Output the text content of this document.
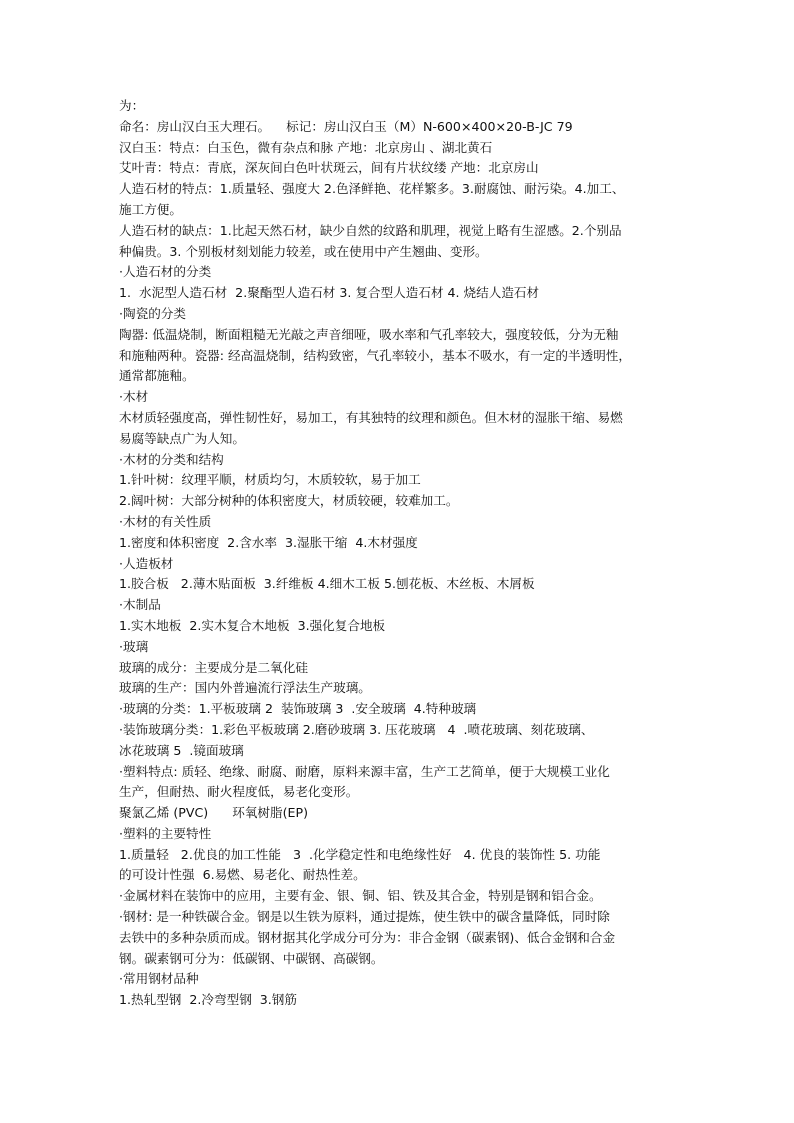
为：

命名：房山汉白玉大理石。    标记：房山汉白玉（M）N-600×400×20-B-JC 79

汉白玉：特点：白玉色，微有杂点和脉 产地：北京房山 、湖北黄石

艾叶青：特点：青底，深灰间白色叶状斑云，间有片状纹缕 产地：北京房山

人造石材的特点：1.质量轻、强度大 2.色泽鲜艳、花样繁多。3.耐腐蚀、耐污染。4.加工、

施工方便。

人造石材的缺点：1.比起天然石材，缺少自然的纹路和肌理，视觉上略有生涩感。2.个别品

种偏贵。3. 个别板材刻划能力较差，或在使用中产生翘曲、变形。

·人造石材的分类

1.  水泥型人造石材  2.聚酯型人造石材 3. 复合型人造石材 4. 烧结人造石材

·陶瓷的分类

陶器: 低温烧制，断面粗糙无光敲之声音细哑，吸水率和气孔率较大，强度较低，分为无釉

和施釉两种。瓷器: 经高温烧制，结构致密，气孔率较小，基本不吸水，有一定的半透明性，

通常都施釉。

·木材

木材质轻强度高，弹性韧性好，易加工，有其独特的纹理和颜色。但木材的湿胀干缩、易燃

易腐等缺点广为人知。

·木材的分类和结构

1.针叶树：纹理平顺，材质均匀，木质较软，易于加工

2.阔叶树：大部分树种的体积密度大，材质较硬，较难加工。

·木材的有关性质

1.密度和体积密度  2.含水率  3.湿胀干缩  4.木材强度

·人造板材

1.胶合板   2.薄木贴面板  3.纤维板 4.细木工板 5.刨花板、木丝板、木屑板

·木制品

1.实木地板  2.实木复合木地板  3.强化复合地板

·玻璃

玻璃的成分：主要成分是二氧化硅

玻璃的生产：国内外普遍流行浮法生产玻璃。

·玻璃的分类：1.平板玻璃 2  装饰玻璃 3  .安全玻璃  4.特种玻璃

·装饰玻璃分类：1.彩色平板玻璃 2.磨砂玻璃 3. 压花玻璃   4  .喷花玻璃、刻花玻璃、

冰花玻璃 5  .镜面玻璃

·塑料特点: 质轻、绝缘、耐腐、耐磨，原料来源丰富，生产工艺简单，便于大规模工业化

生产，但耐热、耐火程度低，易老化变形。

聚氯乙烯 (PVC)      环氧树脂(EP)

·塑料的主要特性

1.质量轻   2.优良的加工性能   3  .化学稳定性和电绝缘性好   4. 优良的装饰性 5. 功能

的可设计性强  6.易燃、易老化、耐热性差。

·金属材料在装饰中的应用，主要有金、银、铜、铝、铁及其合金，特别是钢和铝合金。

·钢材: 是一种铁碳合金。钢是以生铁为原料，通过提炼，使生铁中的碳含量降低，同时除

去铁中的多种杂质而成。钢材据其化学成分可分为：非合金钢（碳素钢)、低合金钢和合金

钢。碳素钢可分为：低碳钢、中碳钢、高碳钢。

·常用钢材品种

1.热轧型钢  2.冷弯型钢  3.钢筋
